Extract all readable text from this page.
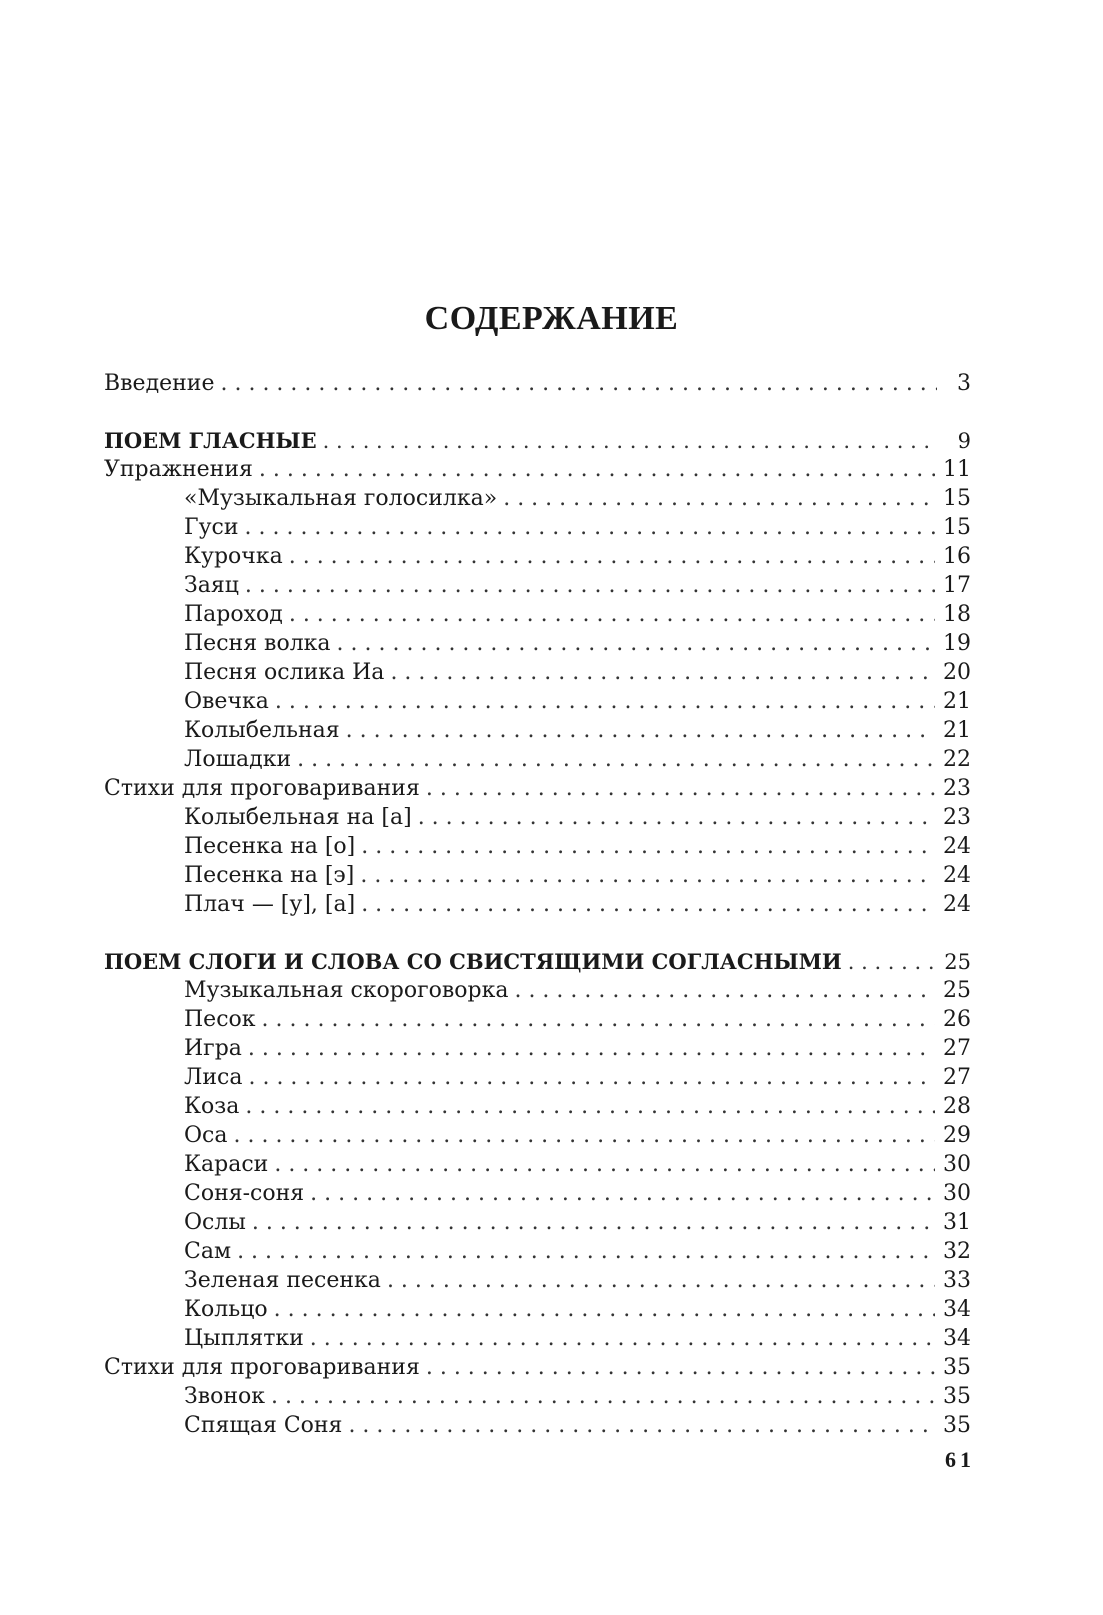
СОДЕРЖАНИЕ
Введение . . .	3
ПОЕМ ГЛАСНЫЕ . . .	9
Упражнения . . .	11
«Музыкальная голосилка» . . .	15
Гуси . . .	15
Курочка . . .	16
Заяц . . .	17
Пароход . . .	18
Песня волка . . .	19
Песня ослика Иа . . .	20
Овечка . . .	21
Колыбельная . . .	21
Лошадки . . .	22
Стихи для проговаривания . . .	23
Колыбельная на [а] . . .	23
Песенка на [о] . . .	24
Песенка на [э] . . .	24
Плач — [у], [а] . . .	24
ПОЕМ СЛОГИ И СЛОВА СО СВИСТЯЩИМИ СОГЛАСНЫМИ . . .	25
Музыкальная скороговорка . . .	25
Песок . . .	26
Игра . . .	27
Лиса . . .	27
Коза . . .	28
Оса . . .	29
Караси . . .	30
Соня-соня . . .	30
Ослы . . .	31
Сам . . .	32
Зеленая песенка . . .	33
Кольцо . . .	34
Цыплятки . . .	34
Стихи для проговаривания . . .	35
Звонок . . .	35
Спящая Соня . . .	35
61
